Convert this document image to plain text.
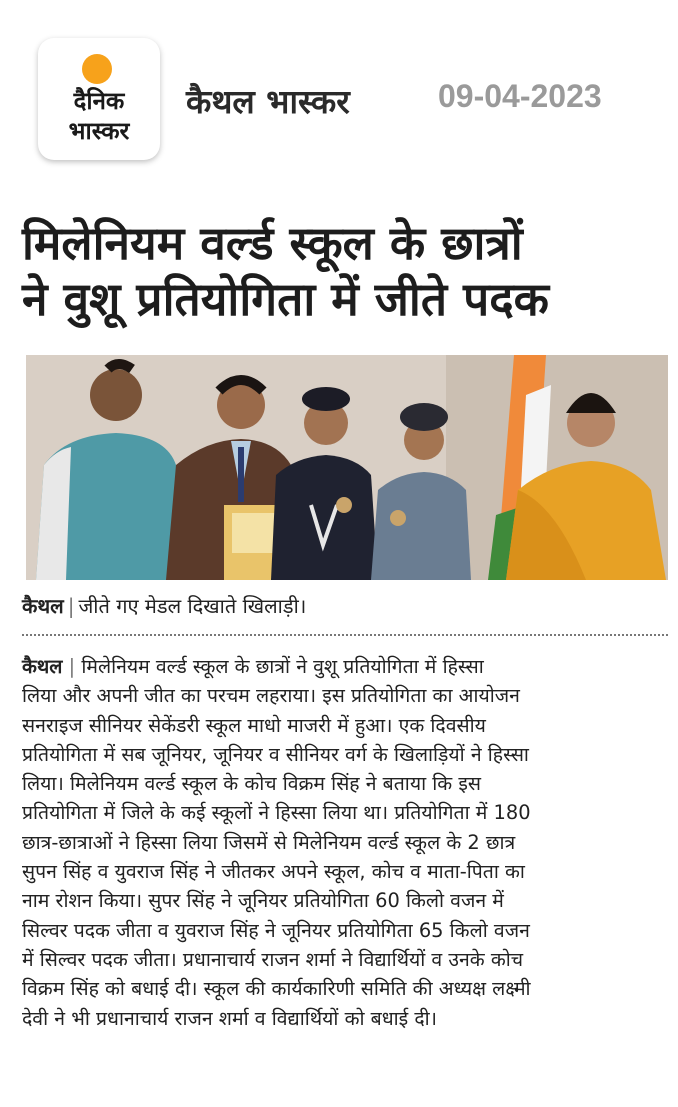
दैनिक
भास्कर
कैथल भास्कर	09-04-2023
मिलेनियम वर्ल्ड स्कूल के छात्रों
ने वुशू प्रतियोगिता में जीते पदक
कैथल | जीते गए मेडल दिखाते खिलाड़ी।
कैथल | मिलेनियम वर्ल्ड स्कूल के छात्रों ने वुशू प्रतियोगिता में हिस्सा
लिया और अपनी जीत का परचम लहराया। इस प्रतियोगिता का आयोजन
सनराइज सीनियर सेकेंडरी स्कूल माधो माजरी में हुआ। एक दिवसीय
प्रतियोगिता में सब जूनियर, जूनियर व सीनियर वर्ग के खिलाड़ियों ने हिस्सा
लिया। मिलेनियम वर्ल्ड स्कूल के कोच विक्रम सिंह ने बताया कि इस
प्रतियोगिता में जिले के कई स्कूलों ने हिस्सा लिया था। प्रतियोगिता में 180
छात्र-छात्राओं ने हिस्सा लिया जिसमें से मिलेनियम वर्ल्ड स्कूल के 2 छात्र
सुपन सिंह व युवराज सिंह ने जीतकर अपने स्कूल, कोच व माता-पिता का
नाम रोशन किया। सुपर सिंह ने जूनियर प्रतियोगिता 60 किलो वजन में
सिल्वर पदक जीता व युवराज सिंह ने जूनियर प्रतियोगिता 65 किलो वजन
में सिल्वर पदक जीता। प्रधानाचार्य राजन शर्मा ने विद्यार्थियों व उनके कोच
विक्रम सिंह को बधाई दी। स्कूल की कार्यकारिणी समिति की अध्यक्ष लक्ष्मी
देवी ने भी प्रधानाचार्य राजन शर्मा व विद्यार्थियों को बधाई दी।
